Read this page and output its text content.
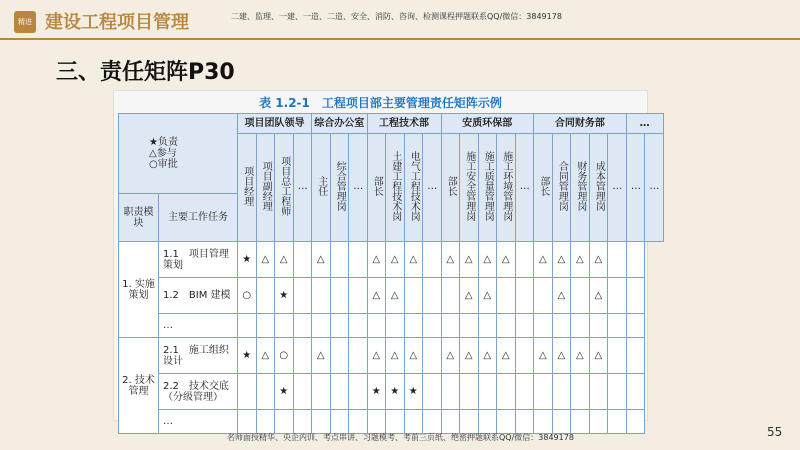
精进 建设工程项目管理	二建、监理、一建、一造、二造、安全、消防、咨询、检测课程押题联系QQ/微信：3849178
三、责任矩阵P30
表 1.2-1　工程项目部主要管理责任矩阵示例
★负责
△参与
○审批		项目团队领导				综合办公室			工程技术部				安质环保部					合同财务部					…	
		项目经理	项目副经理	项目总工程师	…	主任	综合管理岗	…	部长	土建工程技术岗	电气工程技术岗	…	部长	施工安全管理岗	施工质量管理岗	施工环境管理岗	…	部长	合同管理岗	财务管理岗	成本管理岗	…	…	…
职责模块	主要工作任务																							
1. 实施策划	1.1　项目管理策划	★	△	△		△			△	△	△		△	△	△	△		△	△	△	△			
	1.2　BIM 建模	○		★					△	△				△	△				△		△			
	…																							
2. 技术管理	2.1　施工组织设计	★	△	○		△			△	△	△		△	△	△	△		△	△	△	△			
	2.2　技术交底（分级管理）			★					★	★	★													
	…																							
55
名师面授精华、央企内训、考点串讲、习题模考、考前三页纸、绝密押题联系QQ/微信：3849178
